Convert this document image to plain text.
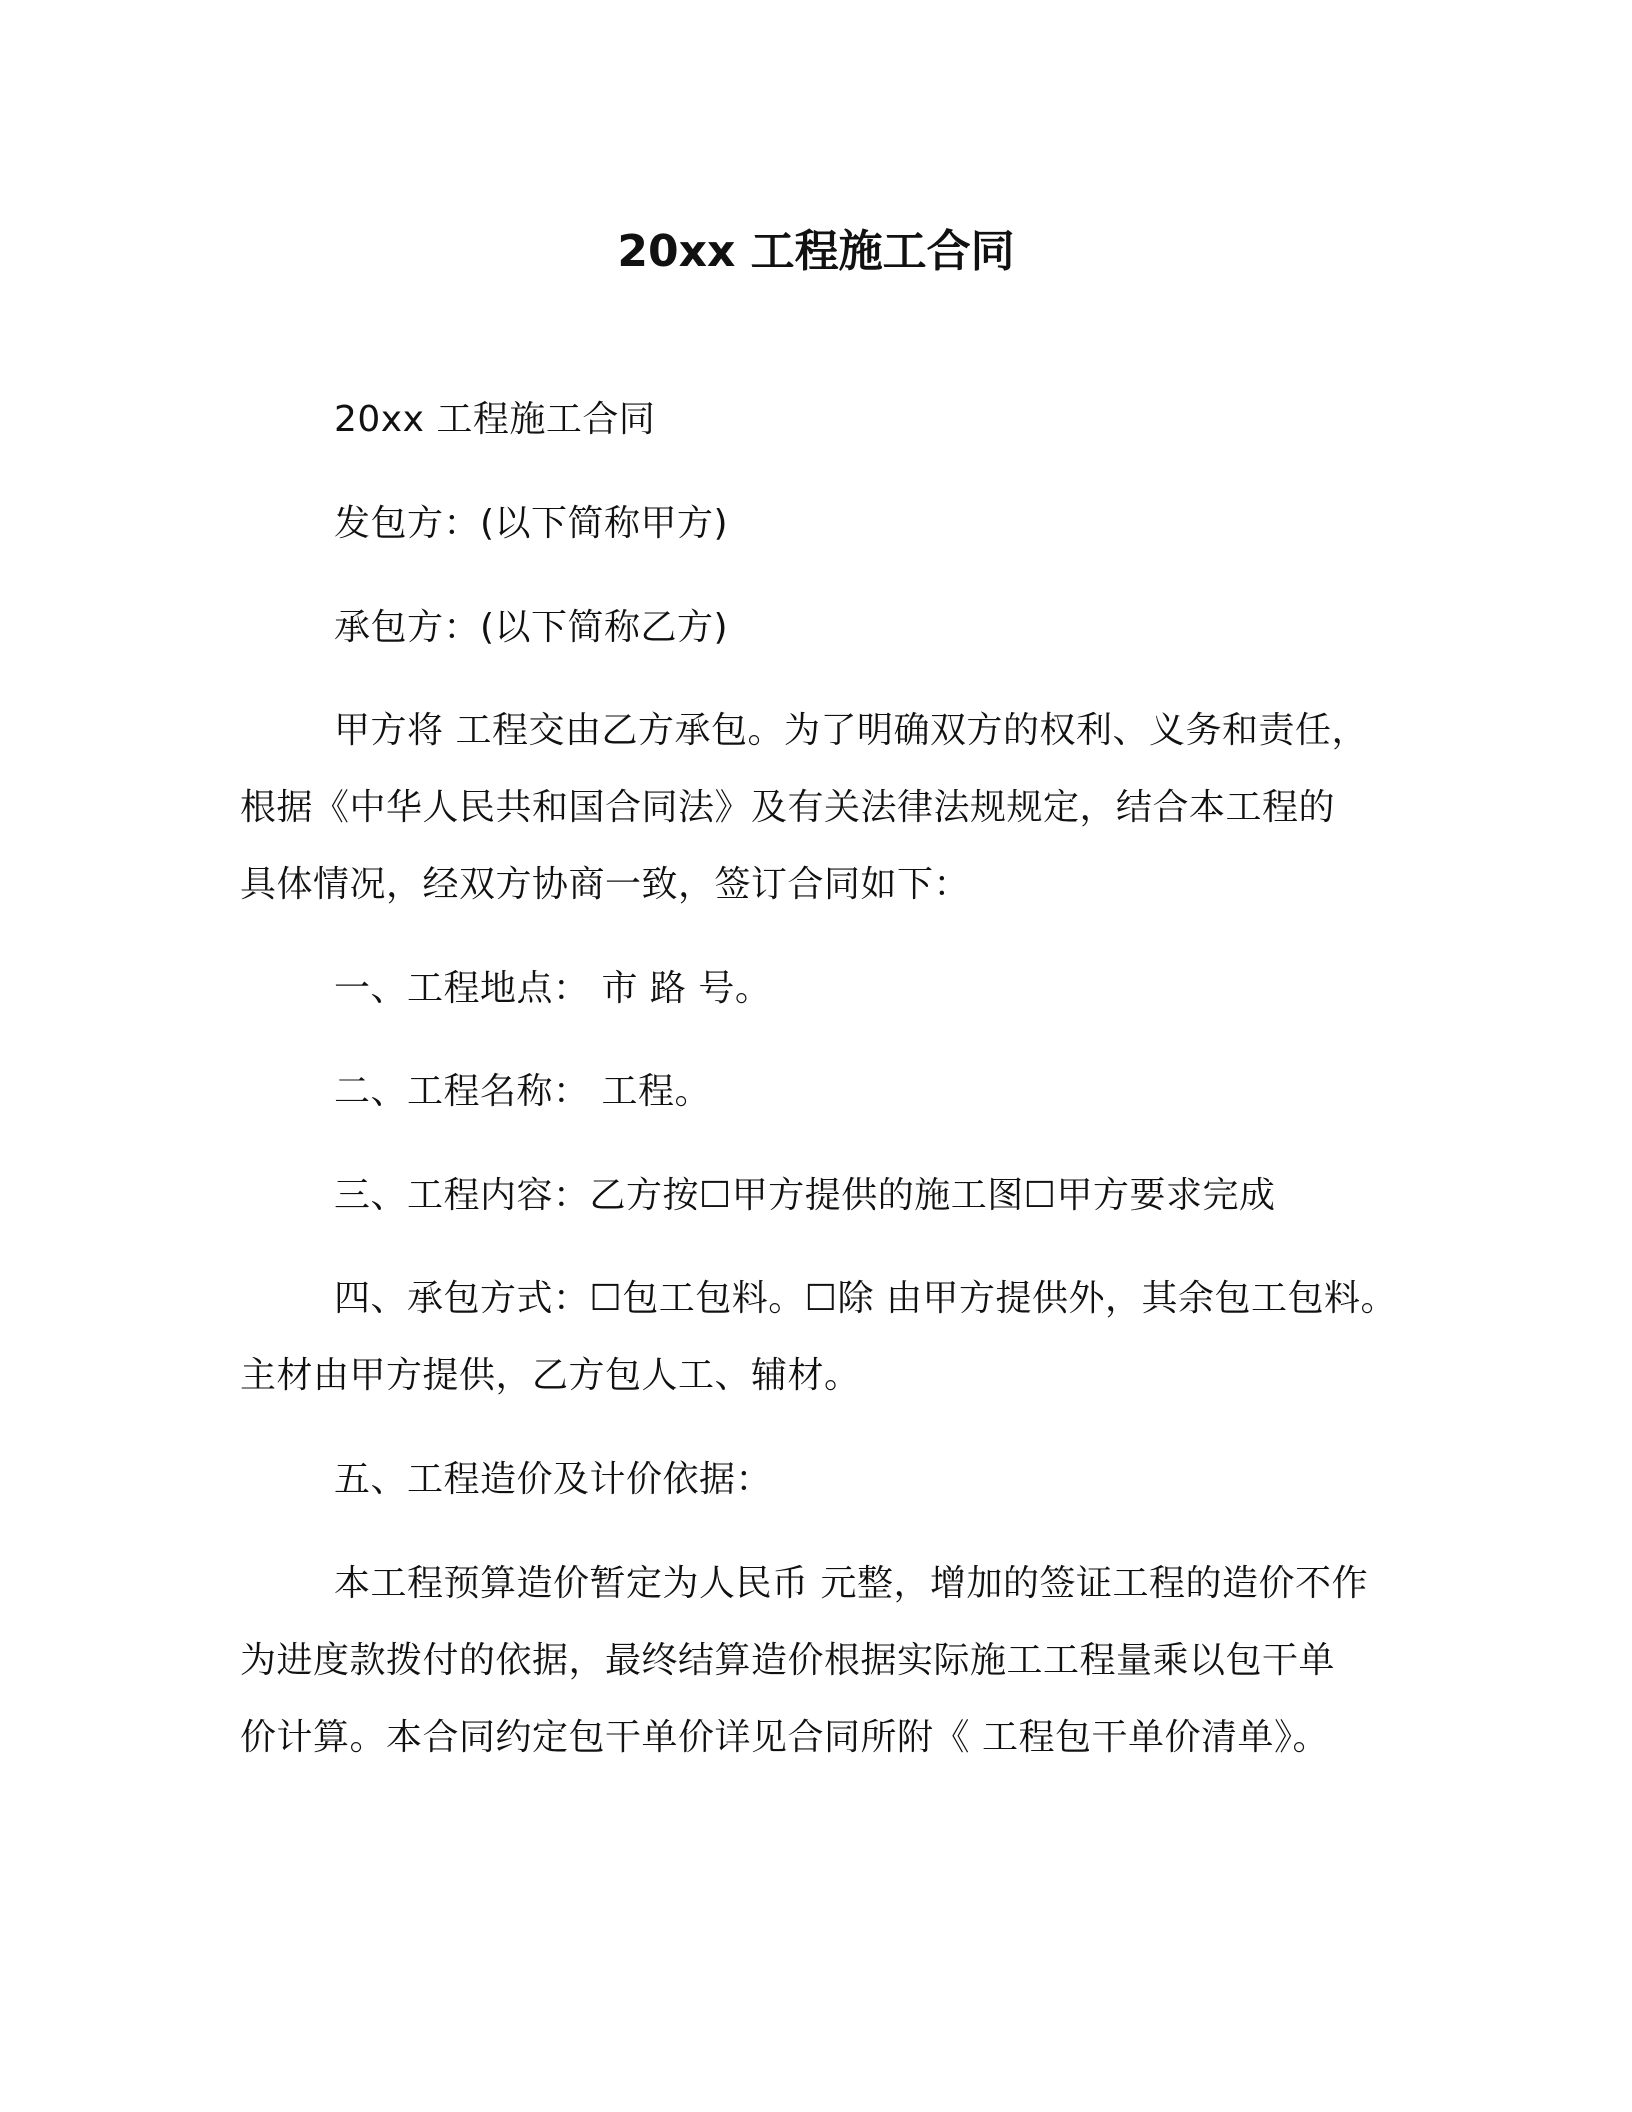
20xx 工程施工合同
20xx 工程施工合同
发包方：(以下简称甲方)
承包方：(以下简称乙方)
甲方将 工程交由乙方承包。为了明确双方的权利、义务和责任，
根据《中华人民共和国合同法》及有关法律法规规定，结合本工程的
具体情况，经双方协商一致，签订合同如下：
一、工程地点： 市 路 号。
二、工程名称： 工程。
三、工程内容：乙方按☐甲方提供的施工图☐甲方要求完成
四、承包方式：☐包工包料。☐除 由甲方提供外，其余包工包料。
主材由甲方提供，乙方包人工、辅材。
五、工程造价及计价依据：
本工程预算造价暂定为人民币 元整，增加的签证工程的造价不作
为进度款拨付的依据，最终结算造价根据实际施工工程量乘以包干单
价计算。本合同约定包干单价详见合同所附《 工程包干单价清单》。
